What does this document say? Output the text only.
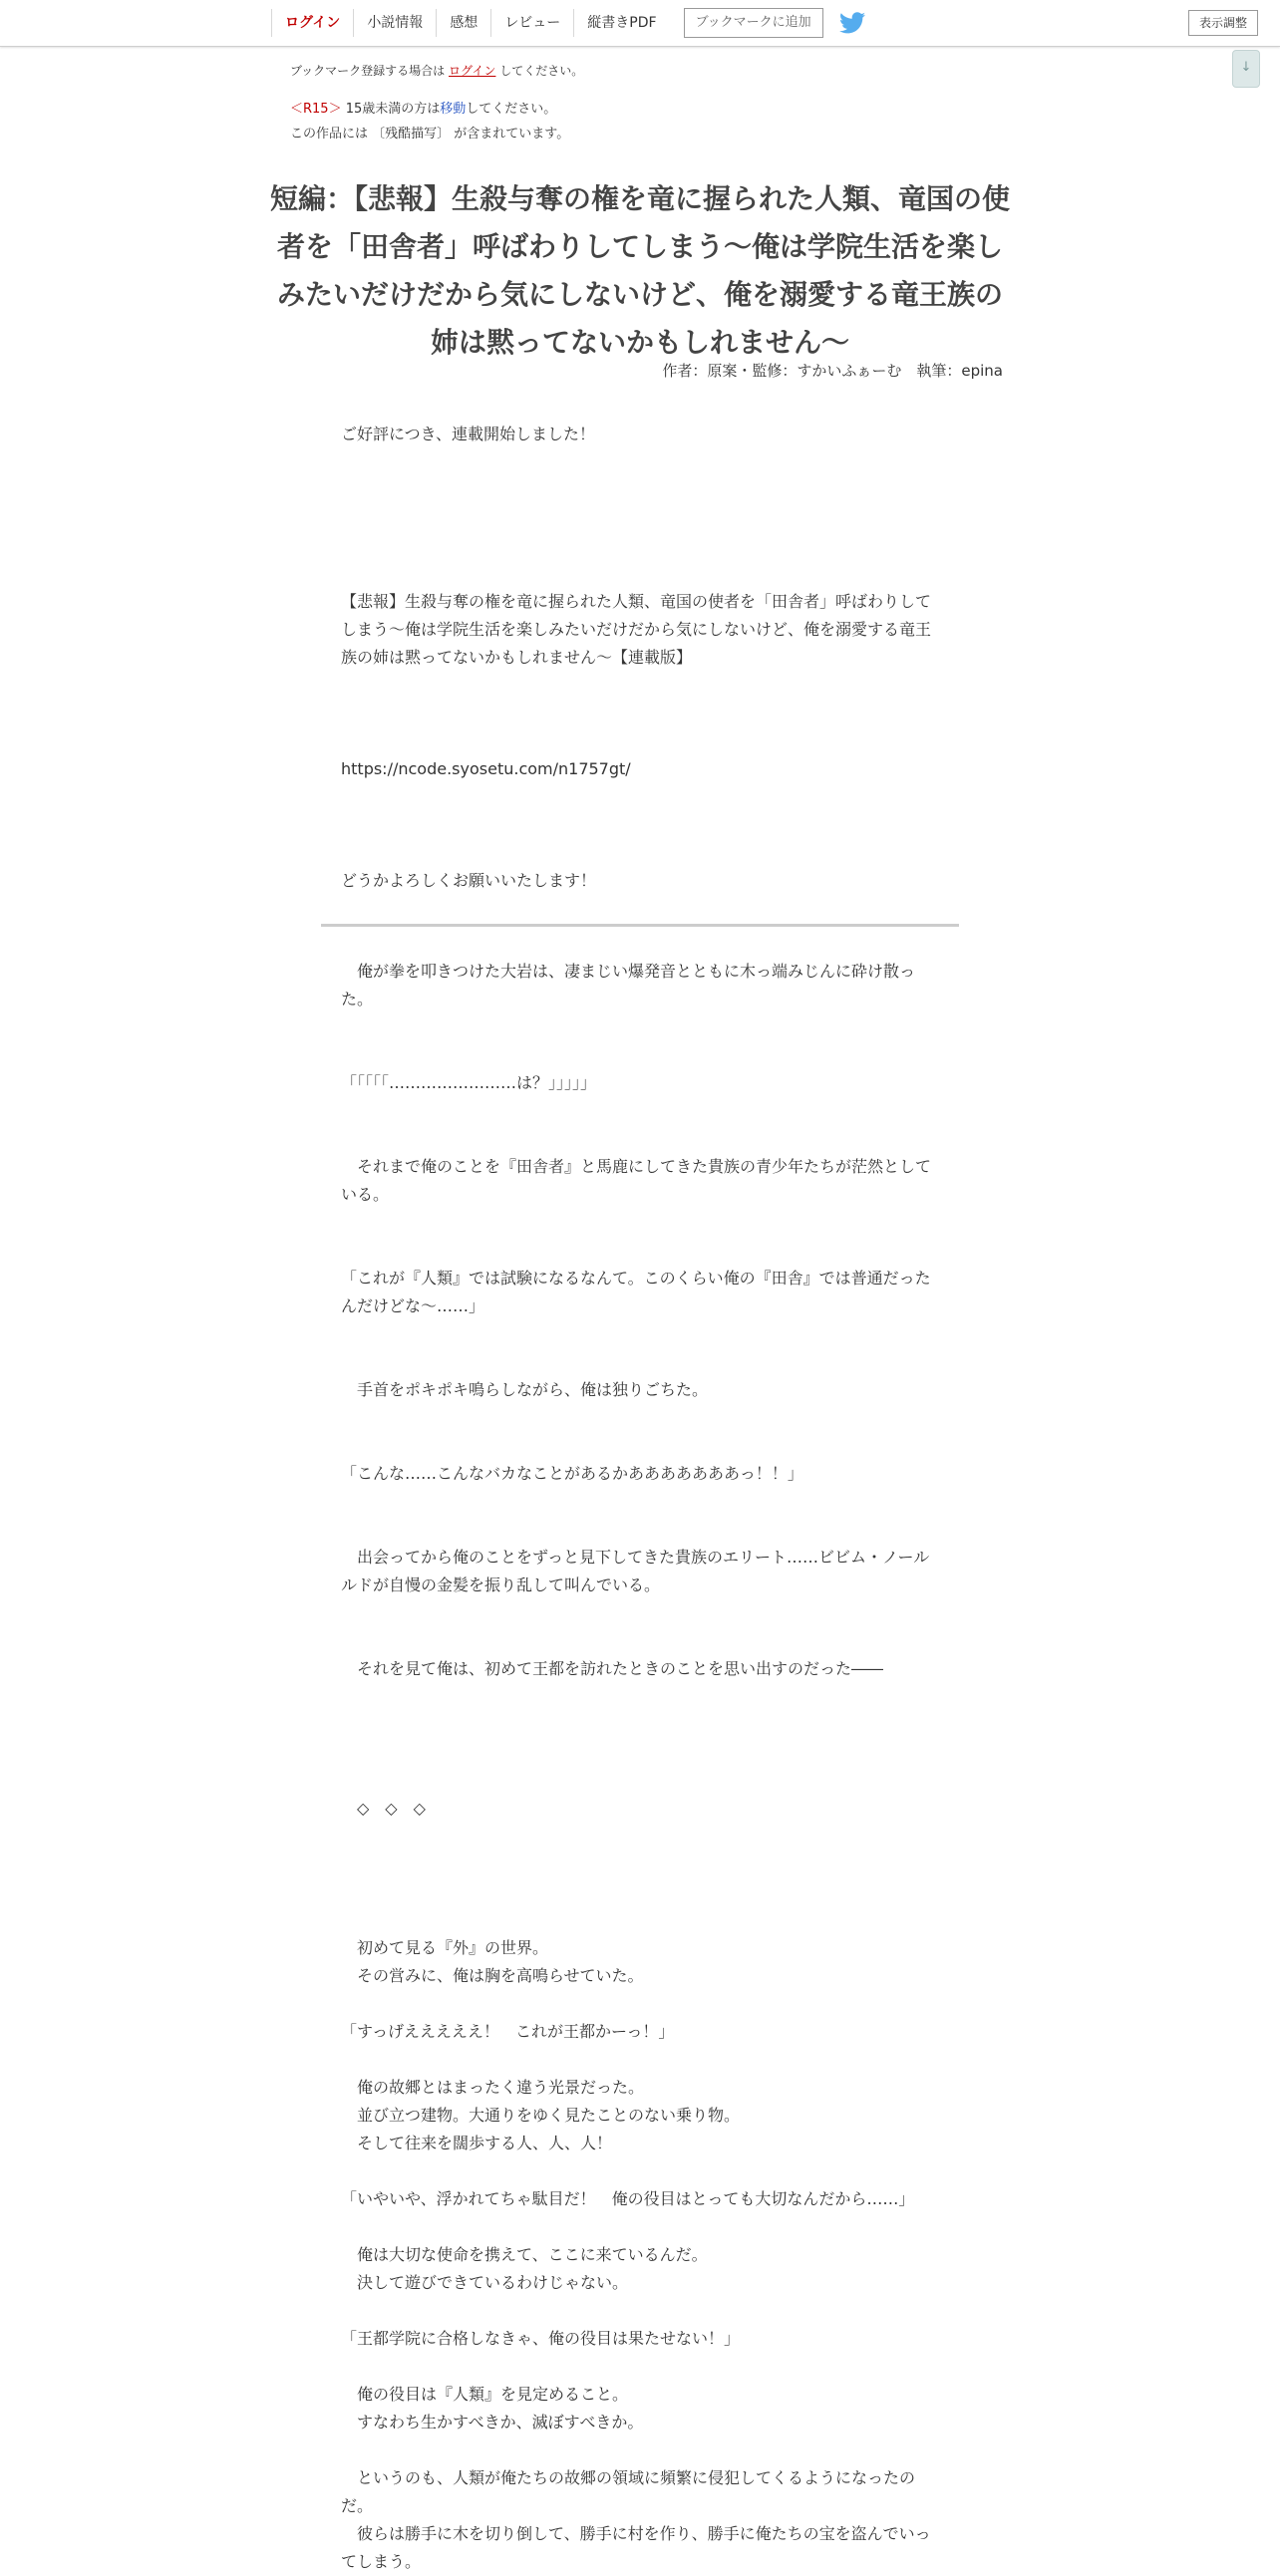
ログイン	小説情報	感想	レビュー	縦書きPDF	ブックマークに追加	表示調整
↓
ブックマーク登録する場合は ログイン してください。
＜R15＞ 15歳未満の方は移動してください。
この作品には 〔残酷描写〕 が含まれています。
短編：【悲報】生殺与奪の権を竜に握られた人類、竜国の使者を「田舎者」呼ばわりしてしまう～俺は学院生活を楽しみたいだけだから気にしないけど、俺を溺愛する竜王族の姉は黙ってないかもしれません〜
作者：原案・監修：すかいふぁーむ　執筆：epina

ご好評につき、連載開始しました！

【悲報】生殺与奪の権を竜に握られた人類、竜国の使者を「田舎者」呼ばわりしてしまう～俺は学院生活を楽しみたいだけだから気にしないけど、俺を溺愛する竜王族の姉は黙ってないかもしれません〜【連載版】

https://ncode.syosetu.com/n1757gt/

どうかよろしくお願いいたします！

　俺が拳を叩きつけた大岩は、凄まじい爆発音とともに木っ端みじんに砕け散った。

「「「「「……………………は？」」」」」

　それまで俺のことを『田舎者』と馬鹿にしてきた貴族の青少年たちが茫然としている。

「これが『人類』では試験になるなんて。このくらい俺の『田舎』では普通だったんだけどな～……」

　手首をポキポキ鳴らしながら、俺は独りごちた。

「こんな……こんなバカなことがあるかあああああああっ！！」

　出会ってから俺のことをずっと見下してきた貴族のエリート……ビビム・ノールルドが自慢の金髪を振り乱して叫んでいる。

　それを見て俺は、初めて王都を訪れたときのことを思い出すのだった――

　◇　◇　◇

　初めて見る『外』の世界。

　その営みに、俺は胸を高鳴らせていた。

「すっげえええええ！　これが王都かーっ！」

　俺の故郷とはまったく違う光景だった。

　並び立つ建物。大通りをゆく見たことのない乗り物。

　そして往来を闊歩する人、人、人！

「いやいや、浮かれてちゃ駄目だ！　俺の役目はとっても大切なんだから……」

　俺は大切な使命を携えて、ここに来ているんだ。

　決して遊びできているわけじゃない。

「王都学院に合格しなきゃ、俺の役目は果たせない！」

　俺の役目は『人類』を見定めること。

　すなわち生かすべきか、滅ぼすべきか。

　というのも、人類が俺たちの故郷の領域に頻繁に侵犯してくるようになったのだ。

　彼らは勝手に木を切り倒して、勝手に村を作り、勝手に俺たちの宝を盗んでいってしまう。
